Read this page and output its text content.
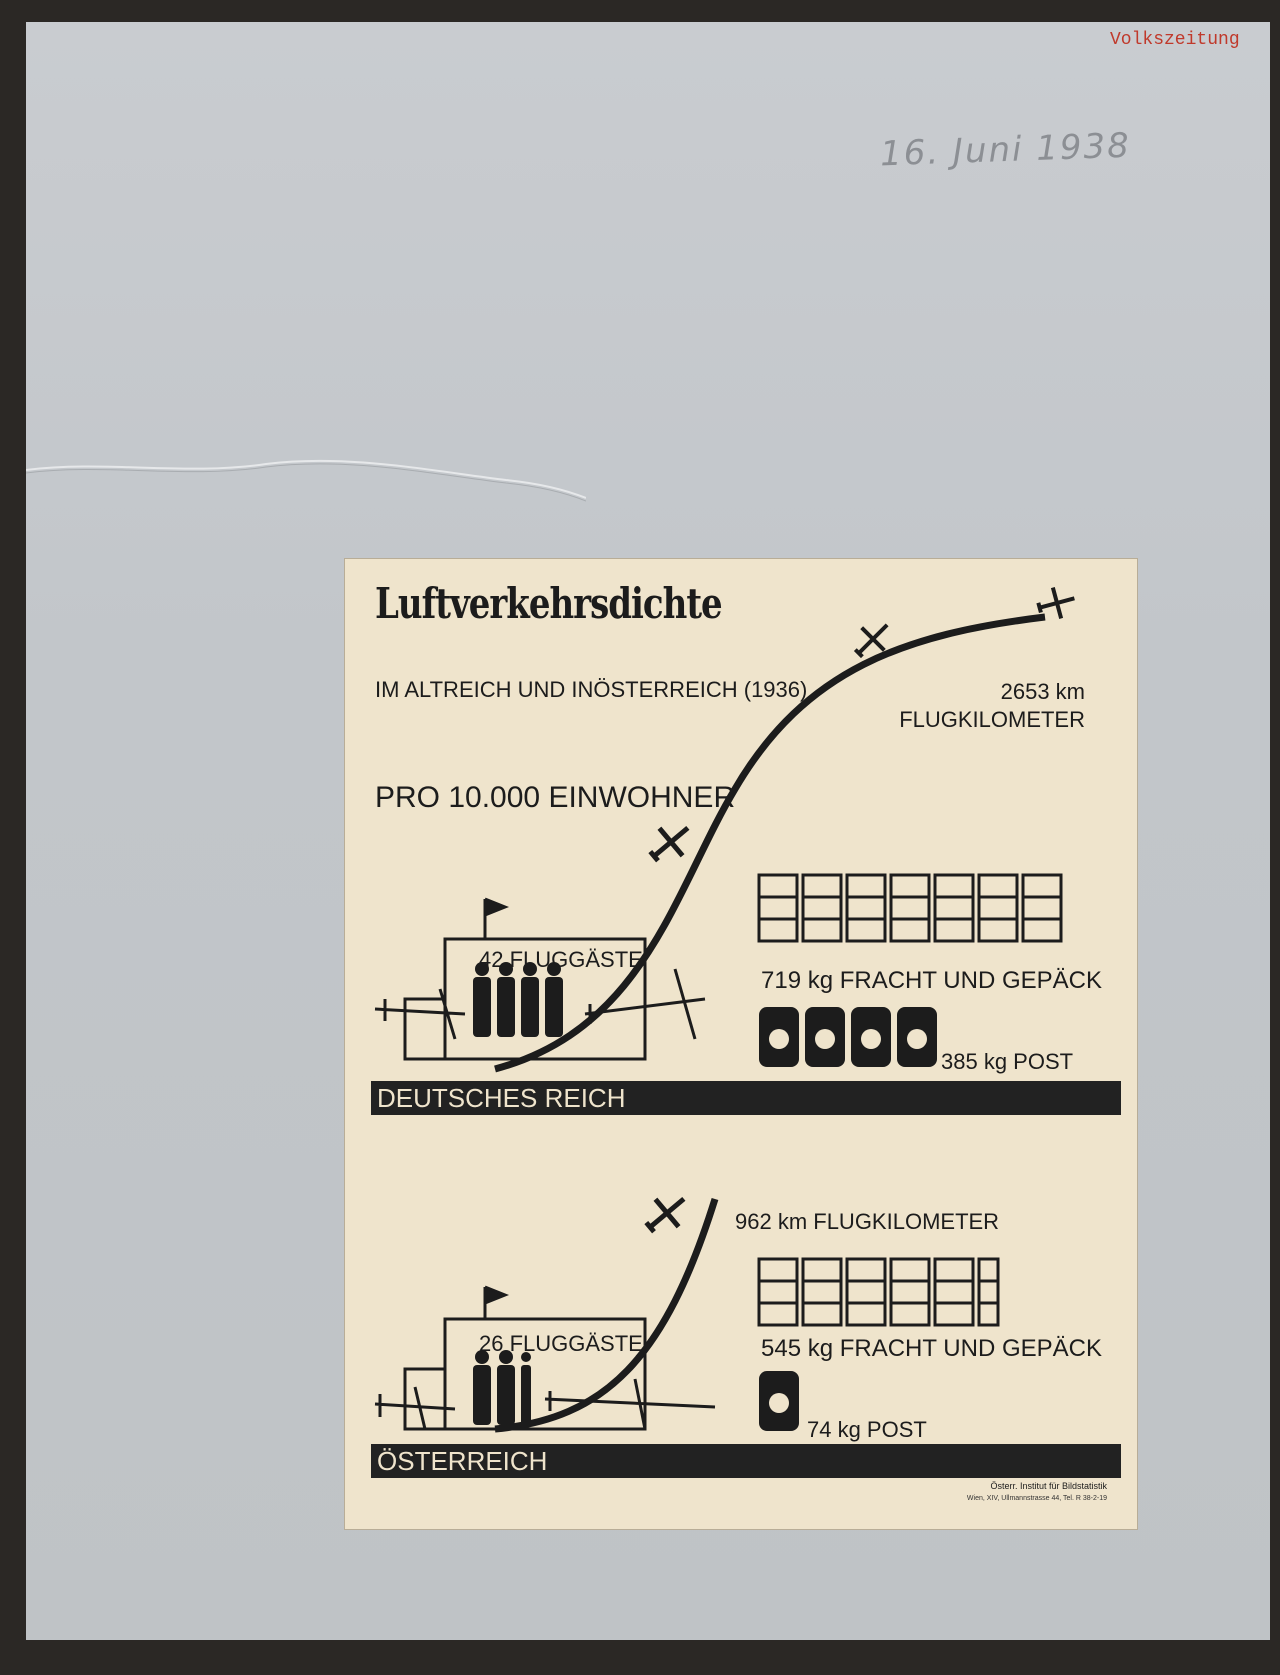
Volkszeitung
16. Juni 1938
Luftverkehrsdichte
IM ALTREICH UND INÖSTERREICH (1936)
PRO 10.000 EINWOHNER
2653 km
FLUGKILOMETER
42 FLUGGÄSTE
719 kg FRACHT UND GEPÄCK
385 kg POST
DEUTSCHES REICH
962 km FLUGKILOMETER
26 FLUGGÄSTE	545 kg FRACHT UND GEPÄCK
74 kg POST
ÖSTERREICH
Österr. Institut für Bildstatistik
Wien, XIV, Ullmannstrasse 44, Tel. R 38-2-19
